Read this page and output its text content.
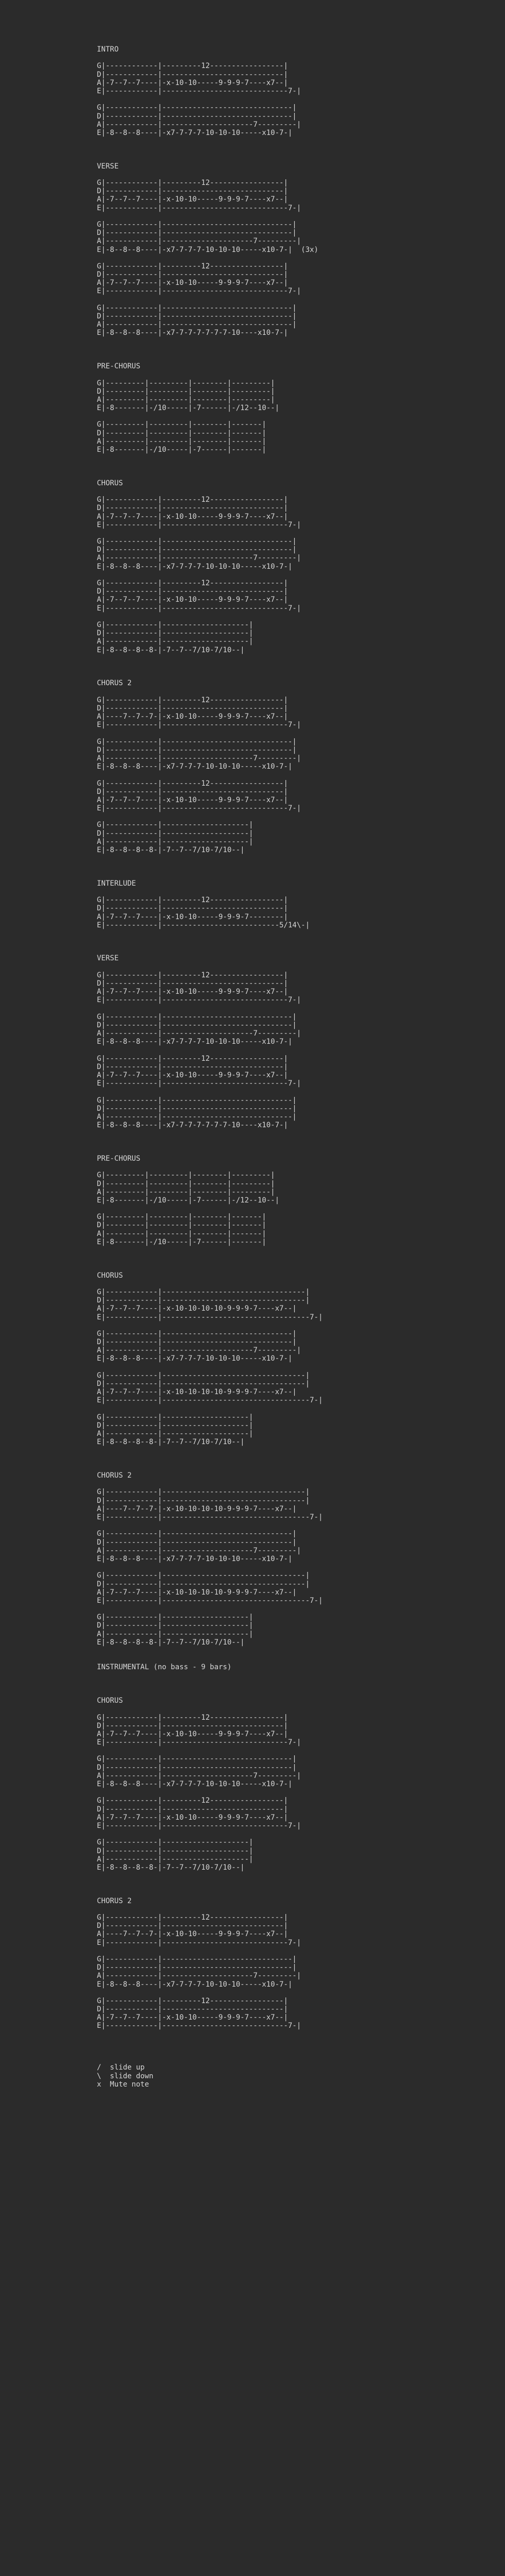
INTRO

G|------------|---------12-----------------|
D|------------|----------------------------|
A|-7--7--7----|-x-10-10-----9-9-9-7----x7--|
E|------------|-----------------------------7-|

G|------------|------------------------------|
D|------------|------------------------------|
A|------------|---------------------7---------|
E|-8--8--8----|-x7-7-7-7-10-10-10-----x10-7-|

VERSE

G|------------|---------12-----------------|
D|------------|----------------------------|
A|-7--7--7----|-x-10-10-----9-9-9-7----x7--|
E|------------|-----------------------------7-|

G|------------|------------------------------|
D|------------|------------------------------|
A|------------|---------------------7---------|
E|-8--8--8----|-x7-7-7-7-10-10-10-----x10-7-|  (3x)

G|------------|---------12-----------------|
D|------------|----------------------------|
A|-7--7--7----|-x-10-10-----9-9-9-7----x7--|
E|------------|-----------------------------7-|

G|------------|------------------------------|
D|------------|------------------------------|
A|------------|------------------------------|
E|-8--8--8----|-x7-7-7-7-7-7-7-10----x10-7-|

PRE-CHORUS

G|---------|---------|--------|---------|
D|---------|---------|--------|---------|
A|---------|---------|--------|---------|
E|-8-------|-/10-----|-7------|-/12--10--|

G|---------|---------|--------|-------|
D|---------|---------|--------|-------|
A|---------|---------|--------|-------|
E|-8-------|-/10-----|-7------|-------|

CHORUS

G|------------|---------12-----------------|
D|------------|----------------------------|
A|-7--7--7----|-x-10-10-----9-9-9-7----x7--|
E|------------|-----------------------------7-|

G|------------|------------------------------|
D|------------|------------------------------|
A|------------|---------------------7---------|
E|-8--8--8----|-x7-7-7-7-10-10-10-----x10-7-|

G|------------|---------12-----------------|
D|------------|----------------------------|
A|-7--7--7----|-x-10-10-----9-9-9-7----x7--|
E|------------|-----------------------------7-|

G|------------|--------------------|
D|------------|--------------------|
A|------------|--------------------|
E|-8--8--8--8-|-7--7--7/10-7/10--|

CHORUS 2

G|------------|---------12-----------------|
D|------------|----------------------------|
A|----7--7--7-|-x-10-10-----9-9-9-7----x7--|
E|------------|-----------------------------7-|

G|------------|------------------------------|
D|------------|------------------------------|
A|------------|---------------------7---------|
E|-8--8--8----|-x7-7-7-7-10-10-10-----x10-7-|

G|------------|---------12-----------------|
D|------------|----------------------------|
A|-7--7--7----|-x-10-10-----9-9-9-7----x7--|
E|------------|-----------------------------7-|

G|------------|--------------------|
D|------------|--------------------|
A|------------|--------------------|
E|-8--8--8--8-|-7--7--7/10-7/10--|

INTERLUDE

G|------------|---------12-----------------|
D|------------|----------------------------|
A|-7--7--7----|-x-10-10-----9-9-9-7--------|
E|------------|---------------------------5/14\-|

VERSE

G|------------|---------12-----------------|
D|------------|----------------------------|
A|-7--7--7----|-x-10-10-----9-9-9-7----x7--|
E|------------|-----------------------------7-|

G|------------|------------------------------|
D|------------|------------------------------|
A|------------|---------------------7---------|
E|-8--8--8----|-x7-7-7-7-10-10-10-----x10-7-|

G|------------|---------12-----------------|
D|------------|----------------------------|
A|-7--7--7----|-x-10-10-----9-9-9-7----x7--|
E|------------|-----------------------------7-|

G|------------|------------------------------|
D|------------|------------------------------|
A|------------|------------------------------|
E|-8--8--8----|-x7-7-7-7-7-7-7-10----x10-7-|

PRE-CHORUS

G|---------|---------|--------|---------|
D|---------|---------|--------|---------|
A|---------|---------|--------|---------|
E|-8-------|-/10-----|-7------|-/12--10--|

G|---------|---------|--------|-------|
D|---------|---------|--------|-------|
A|---------|---------|--------|-------|
E|-8-------|-/10-----|-7------|-------|

CHORUS

G|------------|---------------------------------|
D|------------|---------------------------------|
A|-7--7--7----|-x-10-10-10-10-9-9-9-7----x7--|
E|------------|----------------------------------7-|

G|------------|------------------------------|
D|------------|------------------------------|
A|------------|---------------------7---------|
E|-8--8--8----|-x7-7-7-7-10-10-10-----x10-7-|

G|------------|---------------------------------|
D|------------|---------------------------------|
A|-7--7--7----|-x-10-10-10-10-9-9-9-7----x7--|
E|------------|----------------------------------7-|

G|------------|--------------------|
D|------------|--------------------|
A|------------|--------------------|
E|-8--8--8--8-|-7--7--7/10-7/10--|

CHORUS 2

G|------------|---------------------------------|
D|------------|---------------------------------|
A|----7--7--7-|-x-10-10-10-10-9-9-9-7----x7--|
E|------------|----------------------------------7-|

G|------------|------------------------------|
D|------------|------------------------------|
A|------------|---------------------7---------|
E|-8--8--8----|-x7-7-7-7-10-10-10-----x10-7-|

G|------------|---------------------------------|
D|------------|---------------------------------|
A|-7--7--7----|-x-10-10-10-10-9-9-9-7----x7--|
E|------------|----------------------------------7-|

G|------------|--------------------|
D|------------|--------------------|
A|------------|--------------------|
E|-8--8--8--8-|-7--7--7/10-7/10--|

INSTRUMENTAL (no bass - 9 bars)

CHORUS

G|------------|---------12-----------------|
D|------------|----------------------------|
A|-7--7--7----|-x-10-10-----9-9-9-7----x7--|
E|------------|-----------------------------7-|

G|------------|------------------------------|
D|------------|------------------------------|
A|------------|---------------------7---------|
E|-8--8--8----|-x7-7-7-7-10-10-10-----x10-7-|

G|------------|---------12-----------------|
D|------------|----------------------------|
A|-7--7--7----|-x-10-10-----9-9-9-7----x7--|
E|------------|-----------------------------7-|

G|------------|--------------------|
D|------------|--------------------|
A|------------|--------------------|
E|-8--8--8--8-|-7--7--7/10-7/10--|

CHORUS 2

G|------------|---------12-----------------|
D|------------|----------------------------|
A|----7--7--7-|-x-10-10-----9-9-9-7----x7--|
E|------------|-----------------------------7-|

G|------------|------------------------------|
D|------------|------------------------------|
A|------------|---------------------7---------|
E|-8--8--8----|-x7-7-7-7-10-10-10-----x10-7-|

G|------------|---------12-----------------|
D|------------|----------------------------|
A|-7--7--7----|-x-10-10-----9-9-9-7----x7--|
E|------------|-----------------------------7-|

/  slide up
\  slide down
x  Mute note
